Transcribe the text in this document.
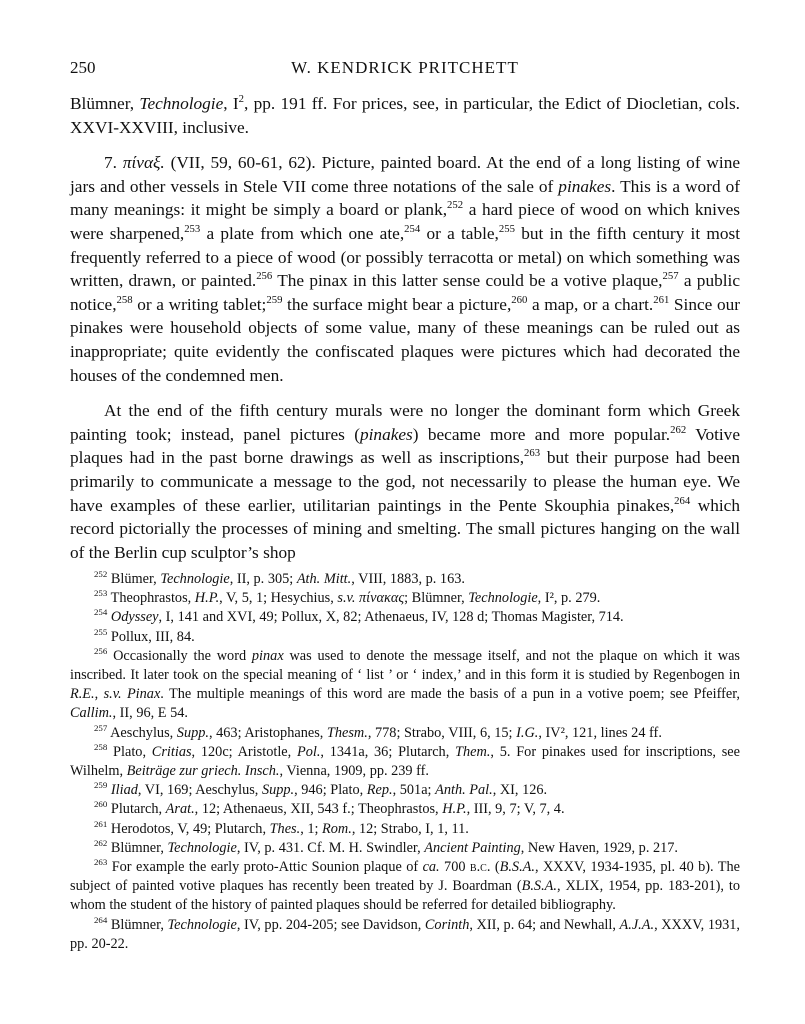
250	W. KENDRICK PRITCHETT

Blümner, Technologie, $I^2$, pp. 191 ff. For prices, see, in particular, the Edict of Diocletian, cols. XXVI-XXVIII, inclusive.

7. πίναξ. (VII, 59, 60-61, 62). Picture, painted board. At the end of a long listing of wine jars and other vessels in Stele VII come three notations of the sale of pinakes. This is a word of many meanings: it might be simply a board or plank,$^{252}$ a hard piece of wood on which knives were sharpened,$^{253}$ a plate from which one ate,$^{254}$ or a table,$^{255}$ but in the fifth century it most frequently referred to a piece of wood (or possibly terracotta or metal) on which something was written, drawn, or painted.$^{256}$ The pinax in this latter sense could be a votive plaque,$^{257}$ a public notice,$^{258}$ or a writing tablet;$^{259}$ the surface might bear a picture,$^{260}$ a map, or a chart.$^{261}$ Since our pinakes were household objects of some value, many of these meanings can be ruled out as inappropriate; quite evidently the confiscated plaques were pictures which had decorated the houses of the condemned men.

At the end of the fifth century murals were no longer the dominant form which Greek painting took; instead, panel pictures (pinakes) became more and more popular.$^{262}$ Votive plaques had in the past borne drawings as well as inscriptions,$^{263}$ but their purpose had been primarily to communicate a message to the god, not necessarily to please the human eye. We have examples of these earlier, utilitarian paintings in the Pente Skouphia pinakes,$^{264}$ which record pictorially the processes of mining and smelting. The small pictures hanging on the wall of the Berlin cup sculptor’s shop

$^{252}$ Blümer, Technologie, II, p. 305; Ath. Mitt., VIII, 1883, p. 163.

$^{253}$ Theophrastos, H.P., V, 5, 1; Hesychius, s.v. πίνακας; Blümner, Technologie, I², p. 279.

$^{254}$ Odyssey, I, 141 and XVI, 49; Pollux, X, 82; Athenaeus, IV, 128 d; Thomas Magister, 714.

$^{255}$ Pollux, III, 84.

$^{256}$ Occasionally the word pinax was used to denote the message itself, and not the plaque on which it was inscribed. It later took on the special meaning of ‘ list ’ or ‘ index,’ and in this form it is studied by Regenbogen in R.E., s.v. Pinax. The multiple meanings of this word are made the basis of a pun in a votive poem; see Pfeiffer, Callim., II, 96, E 54.

$^{257}$ Aeschylus, Supp., 463; Aristophanes, Thesm., 778; Strabo, VIII, 6, 15; I.G., IV², 121, lines 24 ff.

$^{258}$ Plato, Critias, 120c; Aristotle, Pol., 1341a, 36; Plutarch, Them., 5. For pinakes used for inscriptions, see Wilhelm, Beiträge zur griech. Insch., Vienna, 1909, pp. 239 ff.

$^{259}$ Iliad, VI, 169; Aeschylus, Supp., 946; Plato, Rep., 501a; Anth. Pal., XI, 126.

$^{260}$ Plutarch, Arat., 12; Athenaeus, XII, 543 f.; Theophrastos, H.P., III, 9, 7; V, 7, 4.

$^{261}$ Herodotos, V, 49; Plutarch, Thes., 1; Rom., 12; Strabo, I, 1, 11.

$^{262}$ Blümner, Technologie, IV, p. 431. Cf. M. H. Swindler, Ancient Painting, New Haven, 1929, p. 217.

$^{263}$ For example the early proto-Attic Sounion plaque of ca. 700 b.c. (B.S.A., XXXV, 1934-1935, pl. 40 b). The subject of painted votive plaques has recently been treated by J. Boardman (B.S.A., XLIX, 1954, pp. 183-201), to whom the student of the history of painted plaques should be referred for detailed bibliography.

$^{264}$ Blümner, Technologie, IV, pp. 204-205; see Davidson, Corinth, XII, p. 64; and Newhall, A.J.A., XXXV, 1931, pp. 20-22.
